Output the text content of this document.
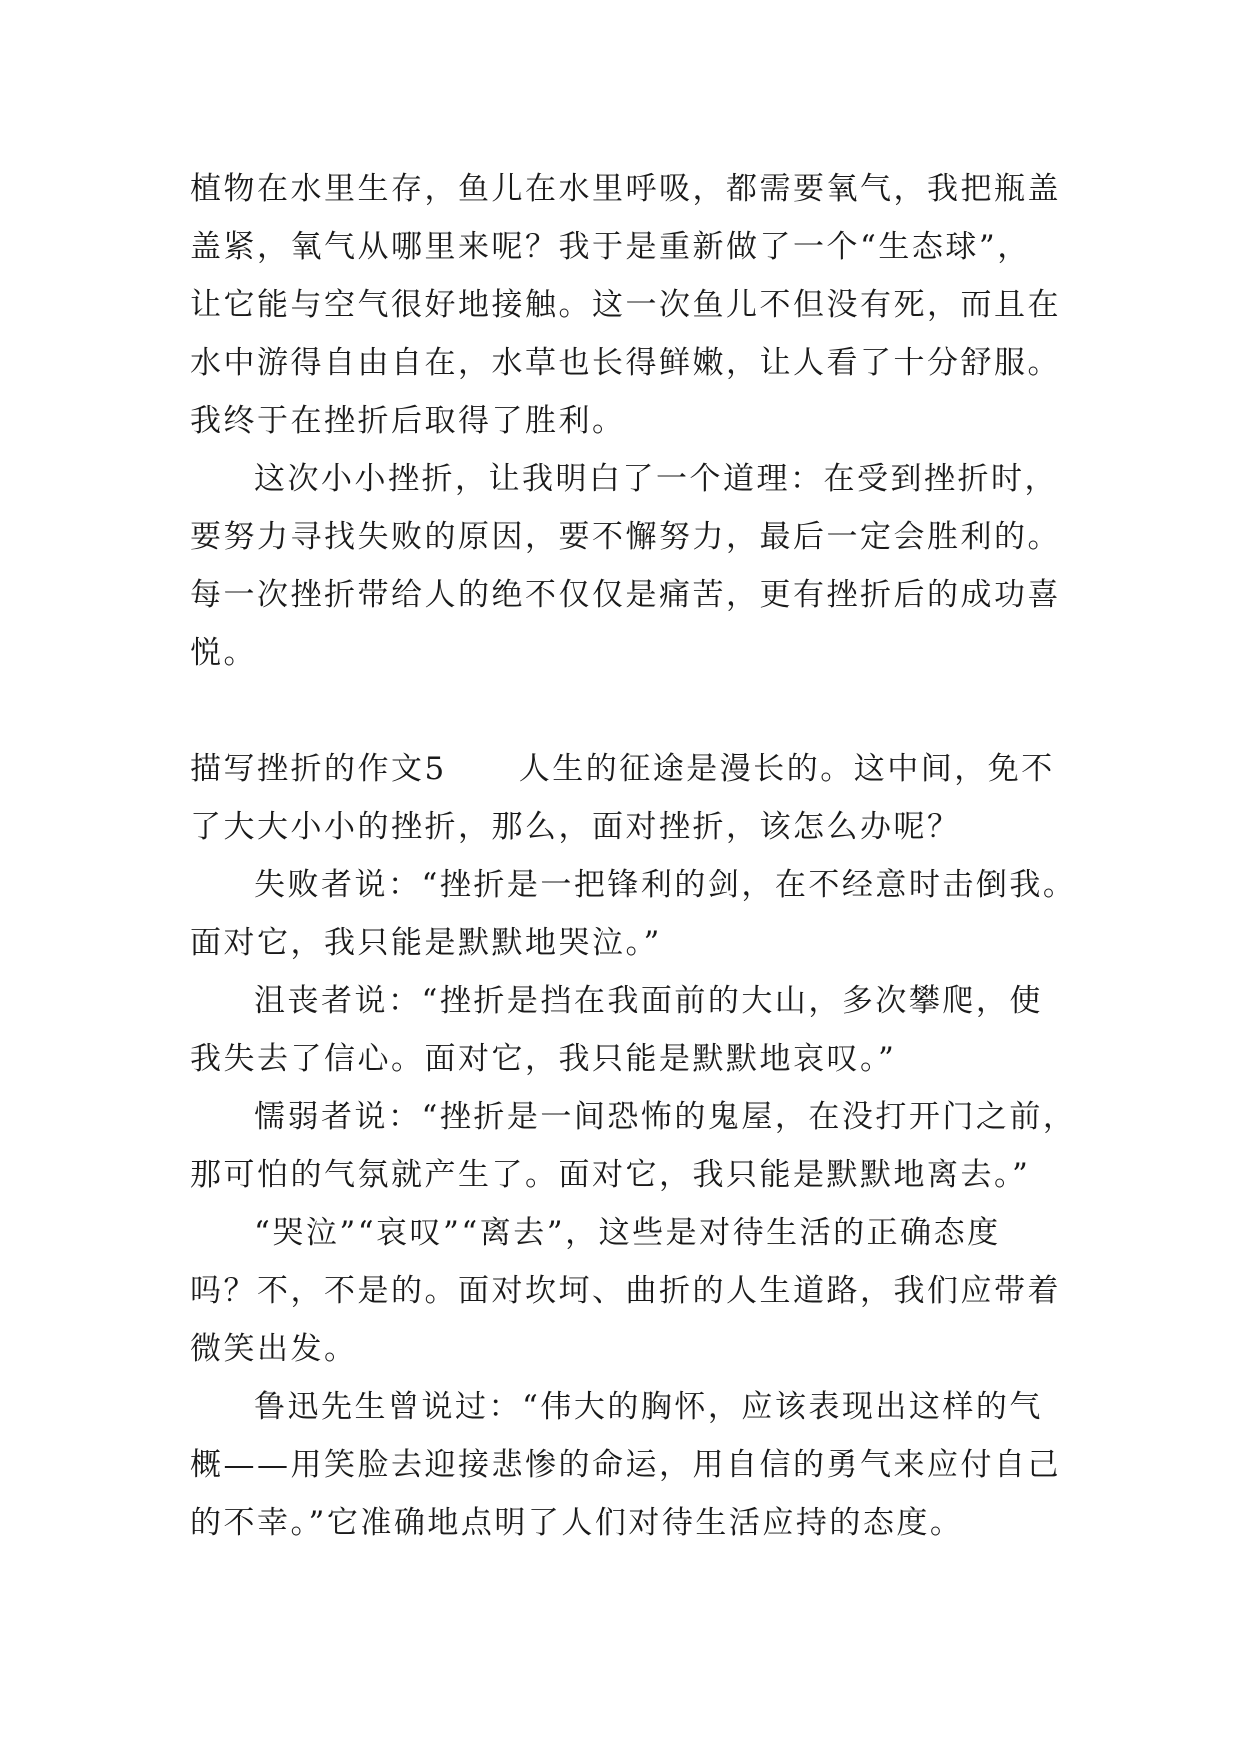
植物在水里生存，鱼儿在水里呼吸，都需要氧气，我把瓶盖
盖紧，氧气从哪里来呢？我于是重新做了一个“生态球”，
让它能与空气很好地接触。这一次鱼儿不但没有死，而且在
水中游得自由自在，水草也长得鲜嫩，让人看了十分舒服。
我终于在挫折后取得了胜利。
这次小小挫折，让我明白了一个道理：在受到挫折时，
要努力寻找失败的原因，要不懈努力，最后一定会胜利的。
每一次挫折带给人的绝不仅仅是痛苦，更有挫折后的成功喜
悦。
描写挫折的作文5 人生的征途是漫长的。这中间，免不
了大大小小的挫折，那么，面对挫折，该怎么办呢？
失败者说：“挫折是一把锋利的剑，在不经意时击倒我。
面对它，我只能是默默地哭泣。”
沮丧者说：“挫折是挡在我面前的大山，多次攀爬，使
我失去了信心。面对它，我只能是默默地哀叹。”
懦弱者说：“挫折是一间恐怖的鬼屋，在没打开门之前，
那可怕的气氛就产生了。面对它，我只能是默默地离去。”
“哭泣”“哀叹”“离去”，这些是对待生活的正确态度
吗？不，不是的。面对坎坷、曲折的人生道路，我们应带着
微笑出发。
鲁迅先生曾说过：“伟大的胸怀，应该表现出这样的气
概——用笑脸去迎接悲惨的命运，用自信的勇气来应付自己
的不幸。”它准确地点明了人们对待生活应持的态度。
